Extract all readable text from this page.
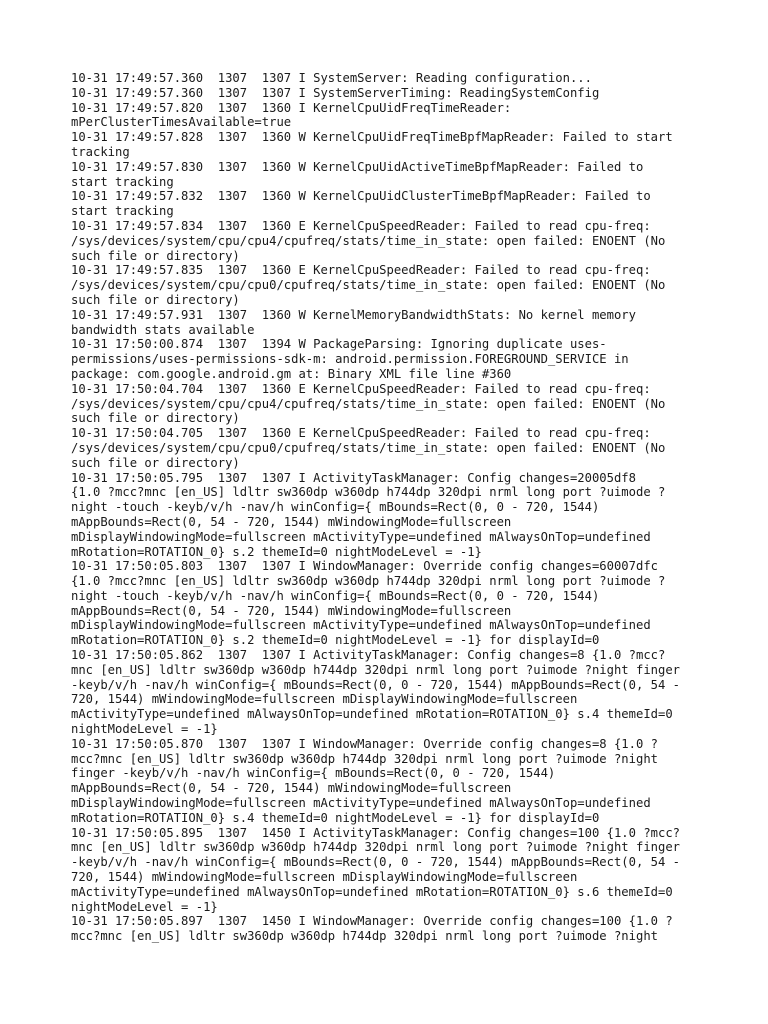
10-31 17:49:57.360  1307  1307 I SystemServer: Reading configuration...
10-31 17:49:57.360  1307  1307 I SystemServerTiming: ReadingSystemConfig
10-31 17:49:57.820  1307  1360 I KernelCpuUidFreqTimeReader:
mPerClusterTimesAvailable=true
10-31 17:49:57.828  1307  1360 W KernelCpuUidFreqTimeBpfMapReader: Failed to start
tracking
10-31 17:49:57.830  1307  1360 W KernelCpuUidActiveTimeBpfMapReader: Failed to
start tracking
10-31 17:49:57.832  1307  1360 W KernelCpuUidClusterTimeBpfMapReader: Failed to
start tracking
10-31 17:49:57.834  1307  1360 E KernelCpuSpeedReader: Failed to read cpu-freq:
/sys/devices/system/cpu/cpu4/cpufreq/stats/time_in_state: open failed: ENOENT (No
such file or directory)
10-31 17:49:57.835  1307  1360 E KernelCpuSpeedReader: Failed to read cpu-freq:
/sys/devices/system/cpu/cpu0/cpufreq/stats/time_in_state: open failed: ENOENT (No
such file or directory)
10-31 17:49:57.931  1307  1360 W KernelMemoryBandwidthStats: No kernel memory
bandwidth stats available
10-31 17:50:00.874  1307  1394 W PackageParsing: Ignoring duplicate uses-
permissions/uses-permissions-sdk-m: android.permission.FOREGROUND_SERVICE in
package: com.google.android.gm at: Binary XML file line #360
10-31 17:50:04.704  1307  1360 E KernelCpuSpeedReader: Failed to read cpu-freq:
/sys/devices/system/cpu/cpu4/cpufreq/stats/time_in_state: open failed: ENOENT (No
such file or directory)
10-31 17:50:04.705  1307  1360 E KernelCpuSpeedReader: Failed to read cpu-freq:
/sys/devices/system/cpu/cpu0/cpufreq/stats/time_in_state: open failed: ENOENT (No
such file or directory)
10-31 17:50:05.795  1307  1307 I ActivityTaskManager: Config changes=20005df8
{1.0 ?mcc?mnc [en_US] ldltr sw360dp w360dp h744dp 320dpi nrml long port ?uimode ?
night -touch -keyb/v/h -nav/h winConfig={ mBounds=Rect(0, 0 - 720, 1544)
mAppBounds=Rect(0, 54 - 720, 1544) mWindowingMode=fullscreen
mDisplayWindowingMode=fullscreen mActivityType=undefined mAlwaysOnTop=undefined
mRotation=ROTATION_0} s.2 themeId=0 nightModeLevel = -1}
10-31 17:50:05.803  1307  1307 I WindowManager: Override config changes=60007dfc
{1.0 ?mcc?mnc [en_US] ldltr sw360dp w360dp h744dp 320dpi nrml long port ?uimode ?
night -touch -keyb/v/h -nav/h winConfig={ mBounds=Rect(0, 0 - 720, 1544)
mAppBounds=Rect(0, 54 - 720, 1544) mWindowingMode=fullscreen
mDisplayWindowingMode=fullscreen mActivityType=undefined mAlwaysOnTop=undefined
mRotation=ROTATION_0} s.2 themeId=0 nightModeLevel = -1} for displayId=0
10-31 17:50:05.862  1307  1307 I ActivityTaskManager: Config changes=8 {1.0 ?mcc?
mnc [en_US] ldltr sw360dp w360dp h744dp 320dpi nrml long port ?uimode ?night finger
-keyb/v/h -nav/h winConfig={ mBounds=Rect(0, 0 - 720, 1544) mAppBounds=Rect(0, 54 -
720, 1544) mWindowingMode=fullscreen mDisplayWindowingMode=fullscreen
mActivityType=undefined mAlwaysOnTop=undefined mRotation=ROTATION_0} s.4 themeId=0
nightModeLevel = -1}
10-31 17:50:05.870  1307  1307 I WindowManager: Override config changes=8 {1.0 ?
mcc?mnc [en_US] ldltr sw360dp w360dp h744dp 320dpi nrml long port ?uimode ?night
finger -keyb/v/h -nav/h winConfig={ mBounds=Rect(0, 0 - 720, 1544)
mAppBounds=Rect(0, 54 - 720, 1544) mWindowingMode=fullscreen
mDisplayWindowingMode=fullscreen mActivityType=undefined mAlwaysOnTop=undefined
mRotation=ROTATION_0} s.4 themeId=0 nightModeLevel = -1} for displayId=0
10-31 17:50:05.895  1307  1450 I ActivityTaskManager: Config changes=100 {1.0 ?mcc?
mnc [en_US] ldltr sw360dp w360dp h744dp 320dpi nrml long port ?uimode ?night finger
-keyb/v/h -nav/h winConfig={ mBounds=Rect(0, 0 - 720, 1544) mAppBounds=Rect(0, 54 -
720, 1544) mWindowingMode=fullscreen mDisplayWindowingMode=fullscreen
mActivityType=undefined mAlwaysOnTop=undefined mRotation=ROTATION_0} s.6 themeId=0
nightModeLevel = -1}
10-31 17:50:05.897  1307  1450 I WindowManager: Override config changes=100 {1.0 ?
mcc?mnc [en_US] ldltr sw360dp w360dp h744dp 320dpi nrml long port ?uimode ?night
